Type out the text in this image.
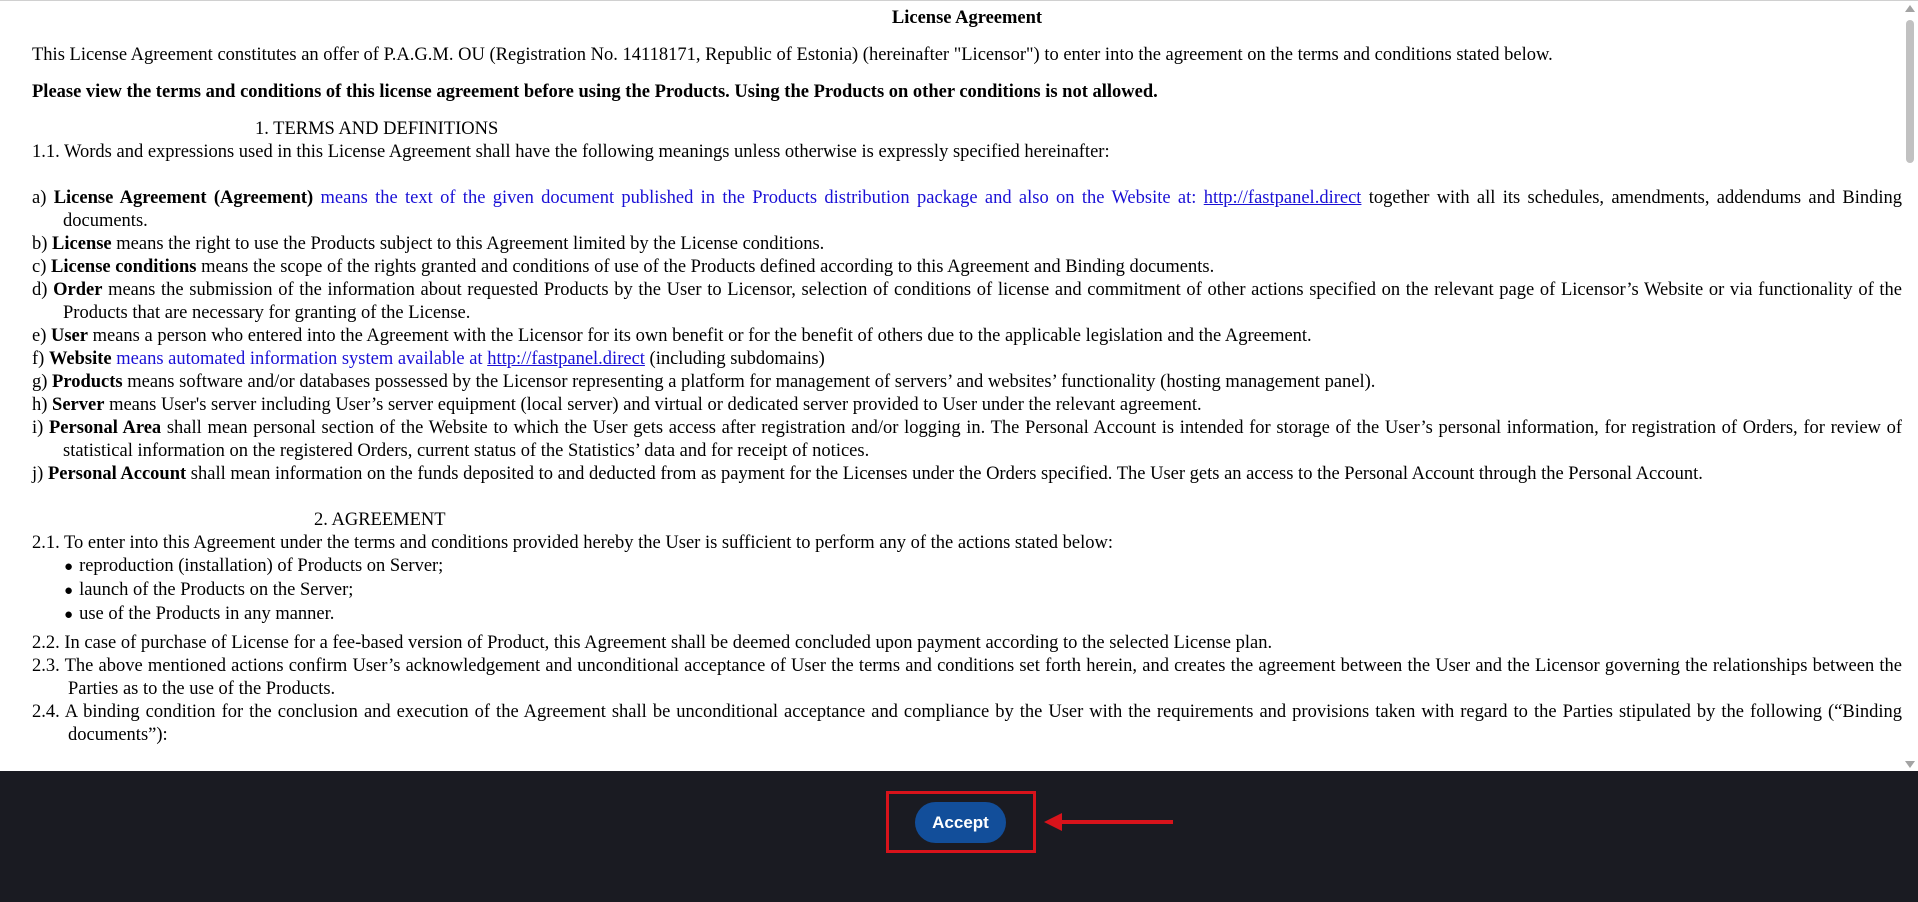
License Agreement

This License Agreement constitutes an offer of P.A.G.M. OU (Registration No. 14118171, Republic of Estonia) (hereinafter "Licensor") to enter into the agreement on the terms and conditions stated below.

Please view the terms and conditions of this license agreement before using the Products. Using the Products on other conditions is not allowed.

1. TERMS AND DEFINITIONS

1.1. Words and expressions used in this License Agreement shall have the following meanings unless otherwise is expressly specified hereinafter:

a) License Agreement (Agreement) means the text of the given document published in the Products distribution package and also on the Website at: http://fastpanel.direct together with all its schedules, amendments, addendums and Binding documents.

b) License means the right to use the Products subject to this Agreement limited by the License conditions.

c) License conditions means the scope of the rights granted and conditions of use of the Products defined according to this Agreement and Binding documents.

d) Order means the submission of the information about requested Products by the User to Licensor, selection of conditions of license and commitment of other actions specified on the relevant page of Licensor’s Website or via functionality of the Products that are necessary for granting of the License.

e) User means a person who entered into the Agreement with the Licensor for its own benefit or for the benefit of others due to the applicable legislation and the Agreement.

f) Website means automated information system available at http://fastpanel.direct (including subdomains)

g) Products means software and/or databases possessed by the Licensor representing a platform for management of servers’ and websites’ functionality (hosting management panel).

h) Server means User's server including User’s server equipment (local server) and virtual or dedicated server provided to User under the relevant agreement.

i) Personal Area shall mean personal section of the Website to which the User gets access after registration and/or logging in. The Personal Account is intended for storage of the User’s personal information, for registration of Orders, for review of statistical information on the registered Orders, current status of the Statistics’ data and for receipt of notices.

j) Personal Account shall mean information on the funds deposited to and deducted from as payment for the Licenses under the Orders specified. The User gets an access to the Personal Account through the Personal Account.

2. AGREEMENT

2.1. To enter into this Agreement under the terms and conditions provided hereby the User is sufficient to perform any of the actions stated below:

● reproduction (installation) of Products on Server;
● launch of the Products on the Server;
● use of the Products in any manner.

2.2. In case of purchase of License for a fee-based version of Product, this Agreement shall be deemed concluded upon payment according to the selected License plan.

2.3. The above mentioned actions confirm User’s acknowledgement and unconditional acceptance of User the terms and conditions set forth herein, and creates the agreement between the User and the Licensor governing the relationships between the Parties as to the use of the Products.

2.4. A binding condition for the conclusion and execution of the Agreement shall be unconditional acceptance and compliance by the User with the requirements and provisions taken with regard to the Parties stipulated by the following (“Binding documents”):

Accept
